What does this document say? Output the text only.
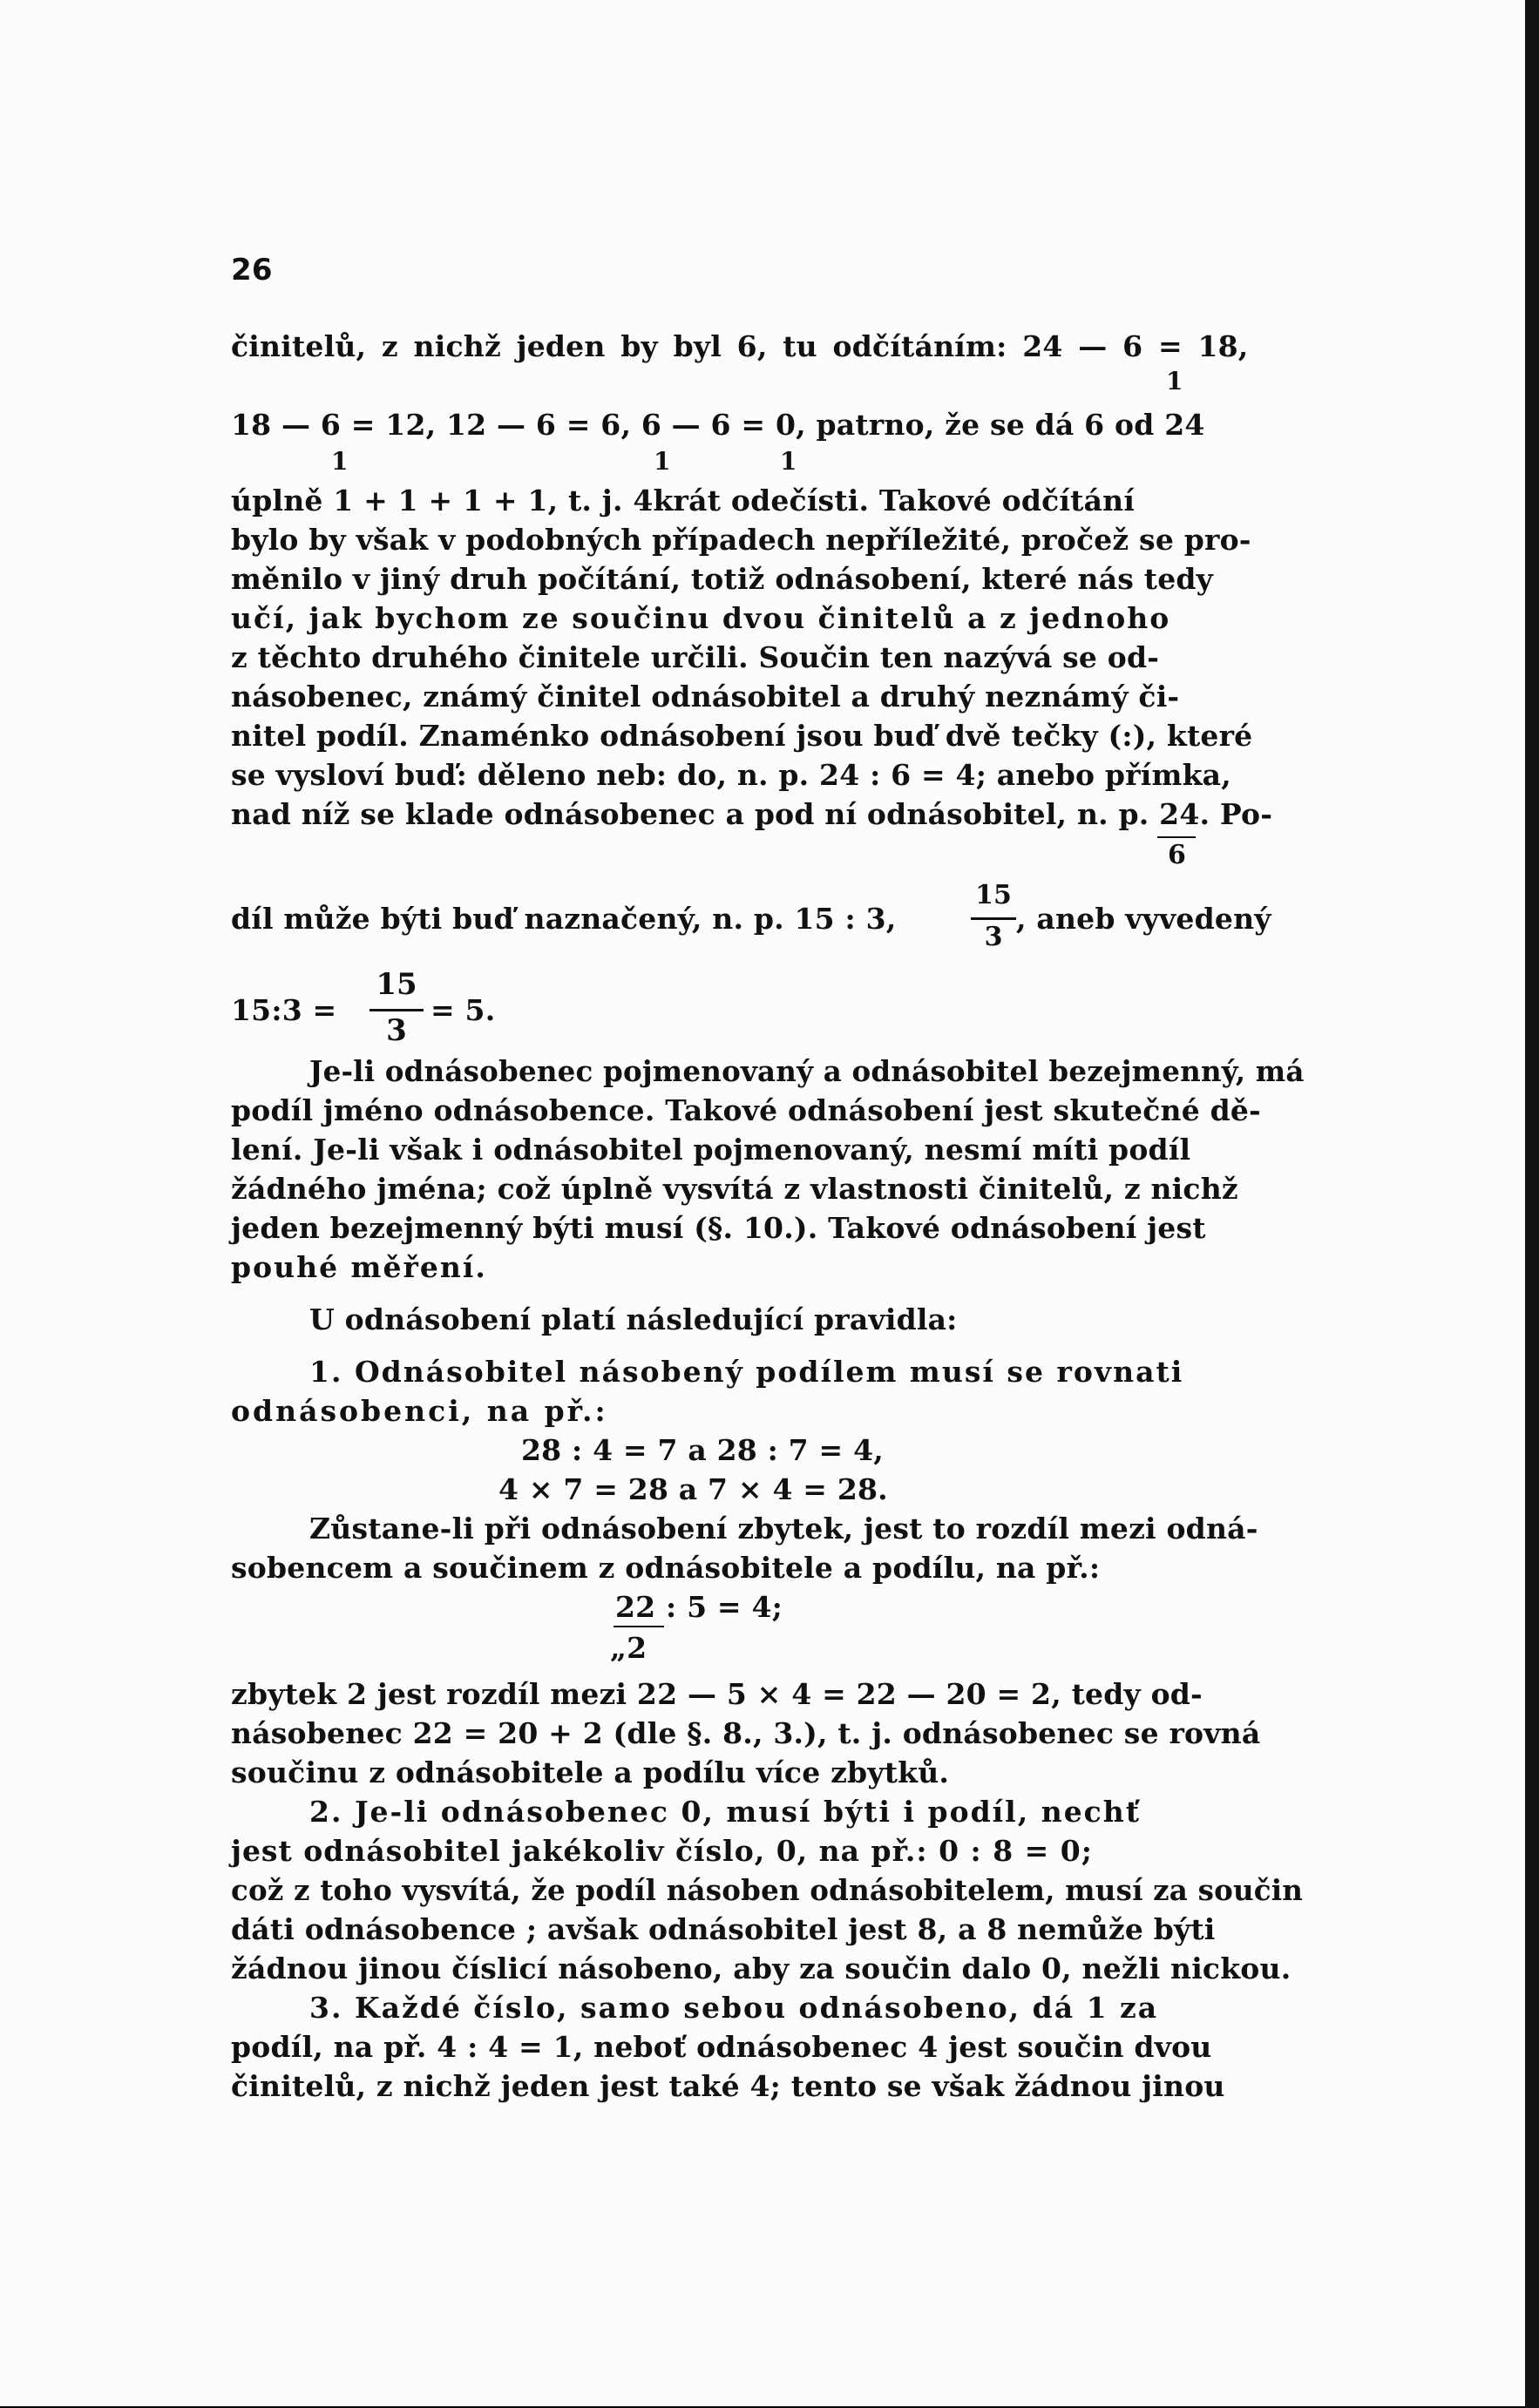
26
činitelů, z nichž jeden by byl 6, tu odčítáním: 24 — 6 = 18,
1
18 — 6 = 12, 12 — 6 = 6, 6 — 6 = 0, patrno, že se dá 6 od 24
1	1	1
úplně 1 + 1 + 1 + 1, t. j. 4krát odečísti. Takové odčítání
bylo by však v podobných případech nepříležité, pročež se pro-
měnilo v jiný druh počítání, totiž odnásobení, které nás tedy
učí, jak bychom ze součinu dvou činitelů a z jednoho
z těchto druhého činitele určili. Součin ten nazývá se od-
násobenec, známý činitel odnásobitel a druhý neznámý či-
nitel podíl. Znaménko odnásobení jsou buď dvě tečky (:), které
se vysloví buď: děleno neb: do, n. p. 24 : 6 = 4; anebo přímka,
nad níž se klade odnásobenec a pod ní odnásobitel, n. p. 24. Po-
6
díl může býti buď naznačený, n. p. 15 : 3,
15
3
, aneb vyvedený
15:3 =
15
3
= 5.
Je-li odnásobenec pojmenovaný a odnásobitel bezejmenný, má
podíl jméno odnásobence. Takové odnásobení jest skutečné dě-
lení. Je-li však i odnásobitel pojmenovaný, nesmí míti podíl
žádného jména; což úplně vysvítá z vlastnosti činitelů, z nichž
jeden bezejmenný býti musí (§. 10.). Takové odnásobení jest
pouhé měření.
U odnásobení platí následující pravidla:
1. Odnásobitel násobený podílem musí se rovnati
odnásobenci, na př.:
28 : 4 = 7 a 28 : 7 = 4,
4 × 7 = 28 a 7 × 4 = 28.
Zůstane-li při odnásobení zbytek, jest to rozdíl mezi odná-
sobencem a součinem z odnásobitele a podílu, na př.:
22 : 5 = 4;
„2
zbytek 2 jest rozdíl mezi 22 — 5 × 4 = 22 — 20 = 2, tedy od-
násobenec 22 = 20 + 2 (dle §. 8., 3.), t. j. odnásobenec se rovná
součinu z odnásobitele a podílu více zbytků.
2. Je-li odnásobenec 0, musí býti i podíl, nechť
jest odnásobitel jakékoliv číslo, 0, na př.: 0 : 8 = 0;
což z toho vysvítá, že podíl násoben odnásobitelem, musí za součin
dáti odnásobence ; avšak odnásobitel jest 8, a 8 nemůže býti
žádnou jinou číslicí násobeno, aby za součin dalo 0, nežli nickou.
3. Každé číslo, samo sebou odnásobeno, dá 1 za
podíl, na př. 4 : 4 = 1, neboť odnásobenec 4 jest součin dvou
činitelů, z nichž jeden jest také 4; tento se však žádnou jinou
